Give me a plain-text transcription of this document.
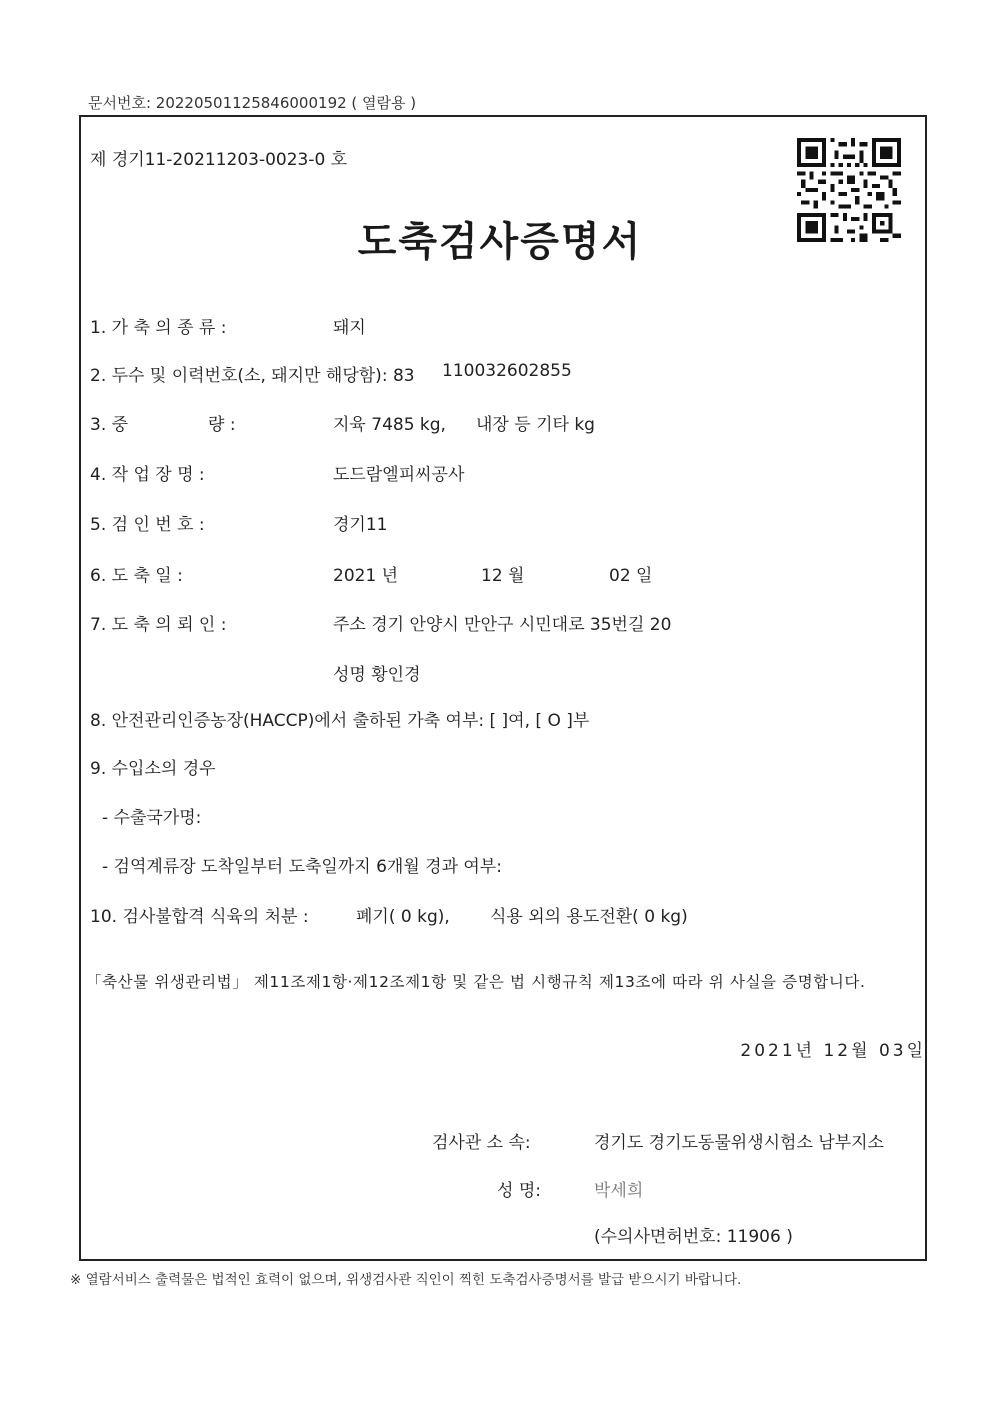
문서번호: 20220501125846000192 ( 열람용 )
제 경기11-20211203-0023-0 호
도축검사증명서
1. 가 축 의 종 류 :	돼지
2. 두수 및 이력번호(소, 돼지만 해당함): 83 110032602855
3. 중	량 :	지육 7485 kg, 내장 등 기타 kg
4. 작 업 장 명 :	도드람엘피씨공사
5. 검 인 번 호 :	경기11
6. 도 축 일 :	2021 년	12 월	02 일
7. 도 축 의 뢰 인 :	주소 경기 안양시 만안구 시민대로 35번길 20
성명 황인경
8. 안전관리인증농장(HACCP)에서 출하된 가축 여부: [ ]여, [ O ]부
9. 수입소의 경우
- 수출국가명:
- 검역계류장 도착일부터 도축일까지 6개월 경과 여부:
10. 검사불합격 식육의 처분 :	폐기( 0 kg), 식용 외의 용도전환( 0 kg)
「축산물 위생관리법」 제11조제1항·제12조제1항 및 같은 법 시행규칙 제13조에 따라 위 사실을 증명합니다.
2021년 12월 03일
검사관 소 속:	경기도 경기도동물위생시험소 남부지소
성 명:	박세희
(수의사면허번호: 11906 )
※ 열람서비스 출력물은 법적인 효력이 없으며, 위생검사관 직인이 찍힌 도축검사증명서를 발급 받으시기 바랍니다.
